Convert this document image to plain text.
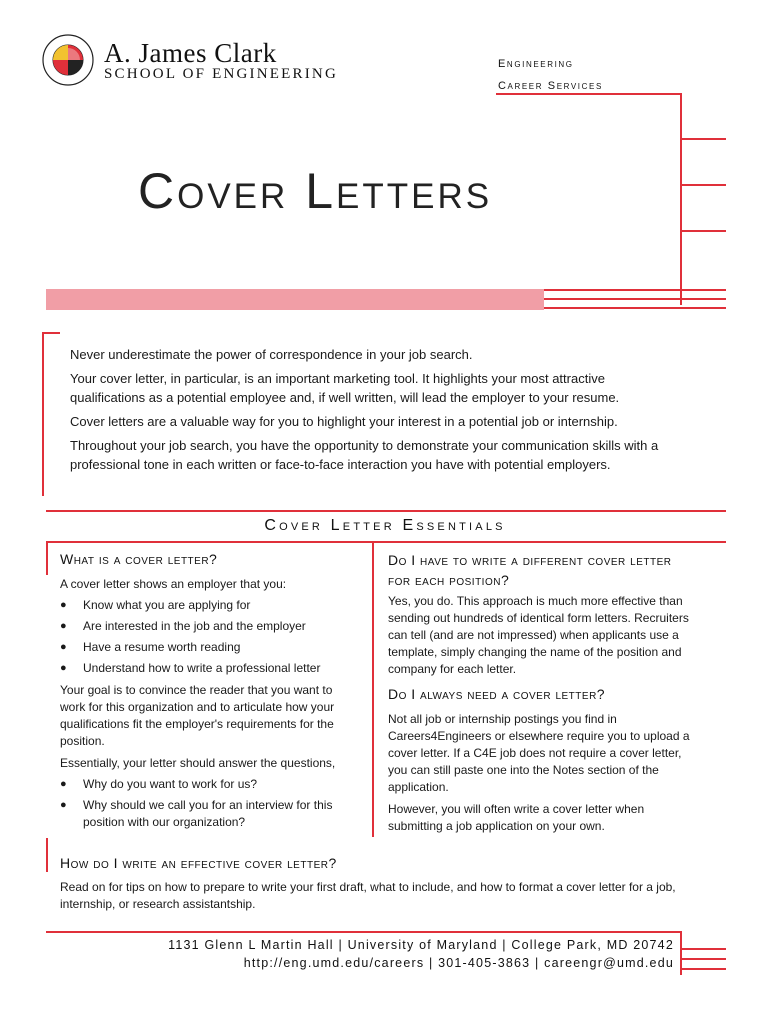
A. James Clark
SCHOOL OF ENGINEERING
Engineering
Career Services
Cover Letters

Never underestimate the power of correspondence in your job search.

Your cover letter, in particular, is an important marketing tool. It highlights your most attractive qualifications as a potential employee and, if well written, will lead the employer to your resume.

Cover letters are a valuable way for you to highlight your interest in a potential job or internship.

Throughout your job search, you have the opportunity to demonstrate your communication skills with a professional tone in each written or face-to-face interaction you have with potential employers.

Cover Letter Essentials
What is a cover letter?
A cover letter shows an employer that you:
● Know what you are applying for
● Are interested in the job and the employer
● Have a resume worth reading
● Understand how to write a professional letter
Your goal is to convince the reader that you want to work for this organization and to articulate how your qualifications fit the employer's requirements for the position.
Essentially, your letter should answer the questions,
● Why do you want to work for us?
● Why should we call you for an interview for this position with our organization?
Do I have to write a different cover letter for each position?
Yes, you do. This approach is much more effective than sending out hundreds of identical form letters. Recruiters can tell (and are not impressed) when applicants use a template, simply changing the name of the position and company for each letter.
Do I always need a cover letter?
Not all job or internship postings you find in Careers4Engineers or elsewhere require you to upload a cover letter. If a C4E job does not require a cover letter, you can still paste one into the Notes section of the application.
However, you will often write a cover letter when submitting a job application on your own.
How do I write an effective cover letter?
Read on for tips on how to prepare to write your first draft, what to include, and how to format a cover letter for a job, internship, or research assistantship.
1131 Glenn L Martin Hall | University of Maryland | College Park, MD 20742
http://eng.umd.edu/careers | 301-405-3863 | careengr@umd.edu
